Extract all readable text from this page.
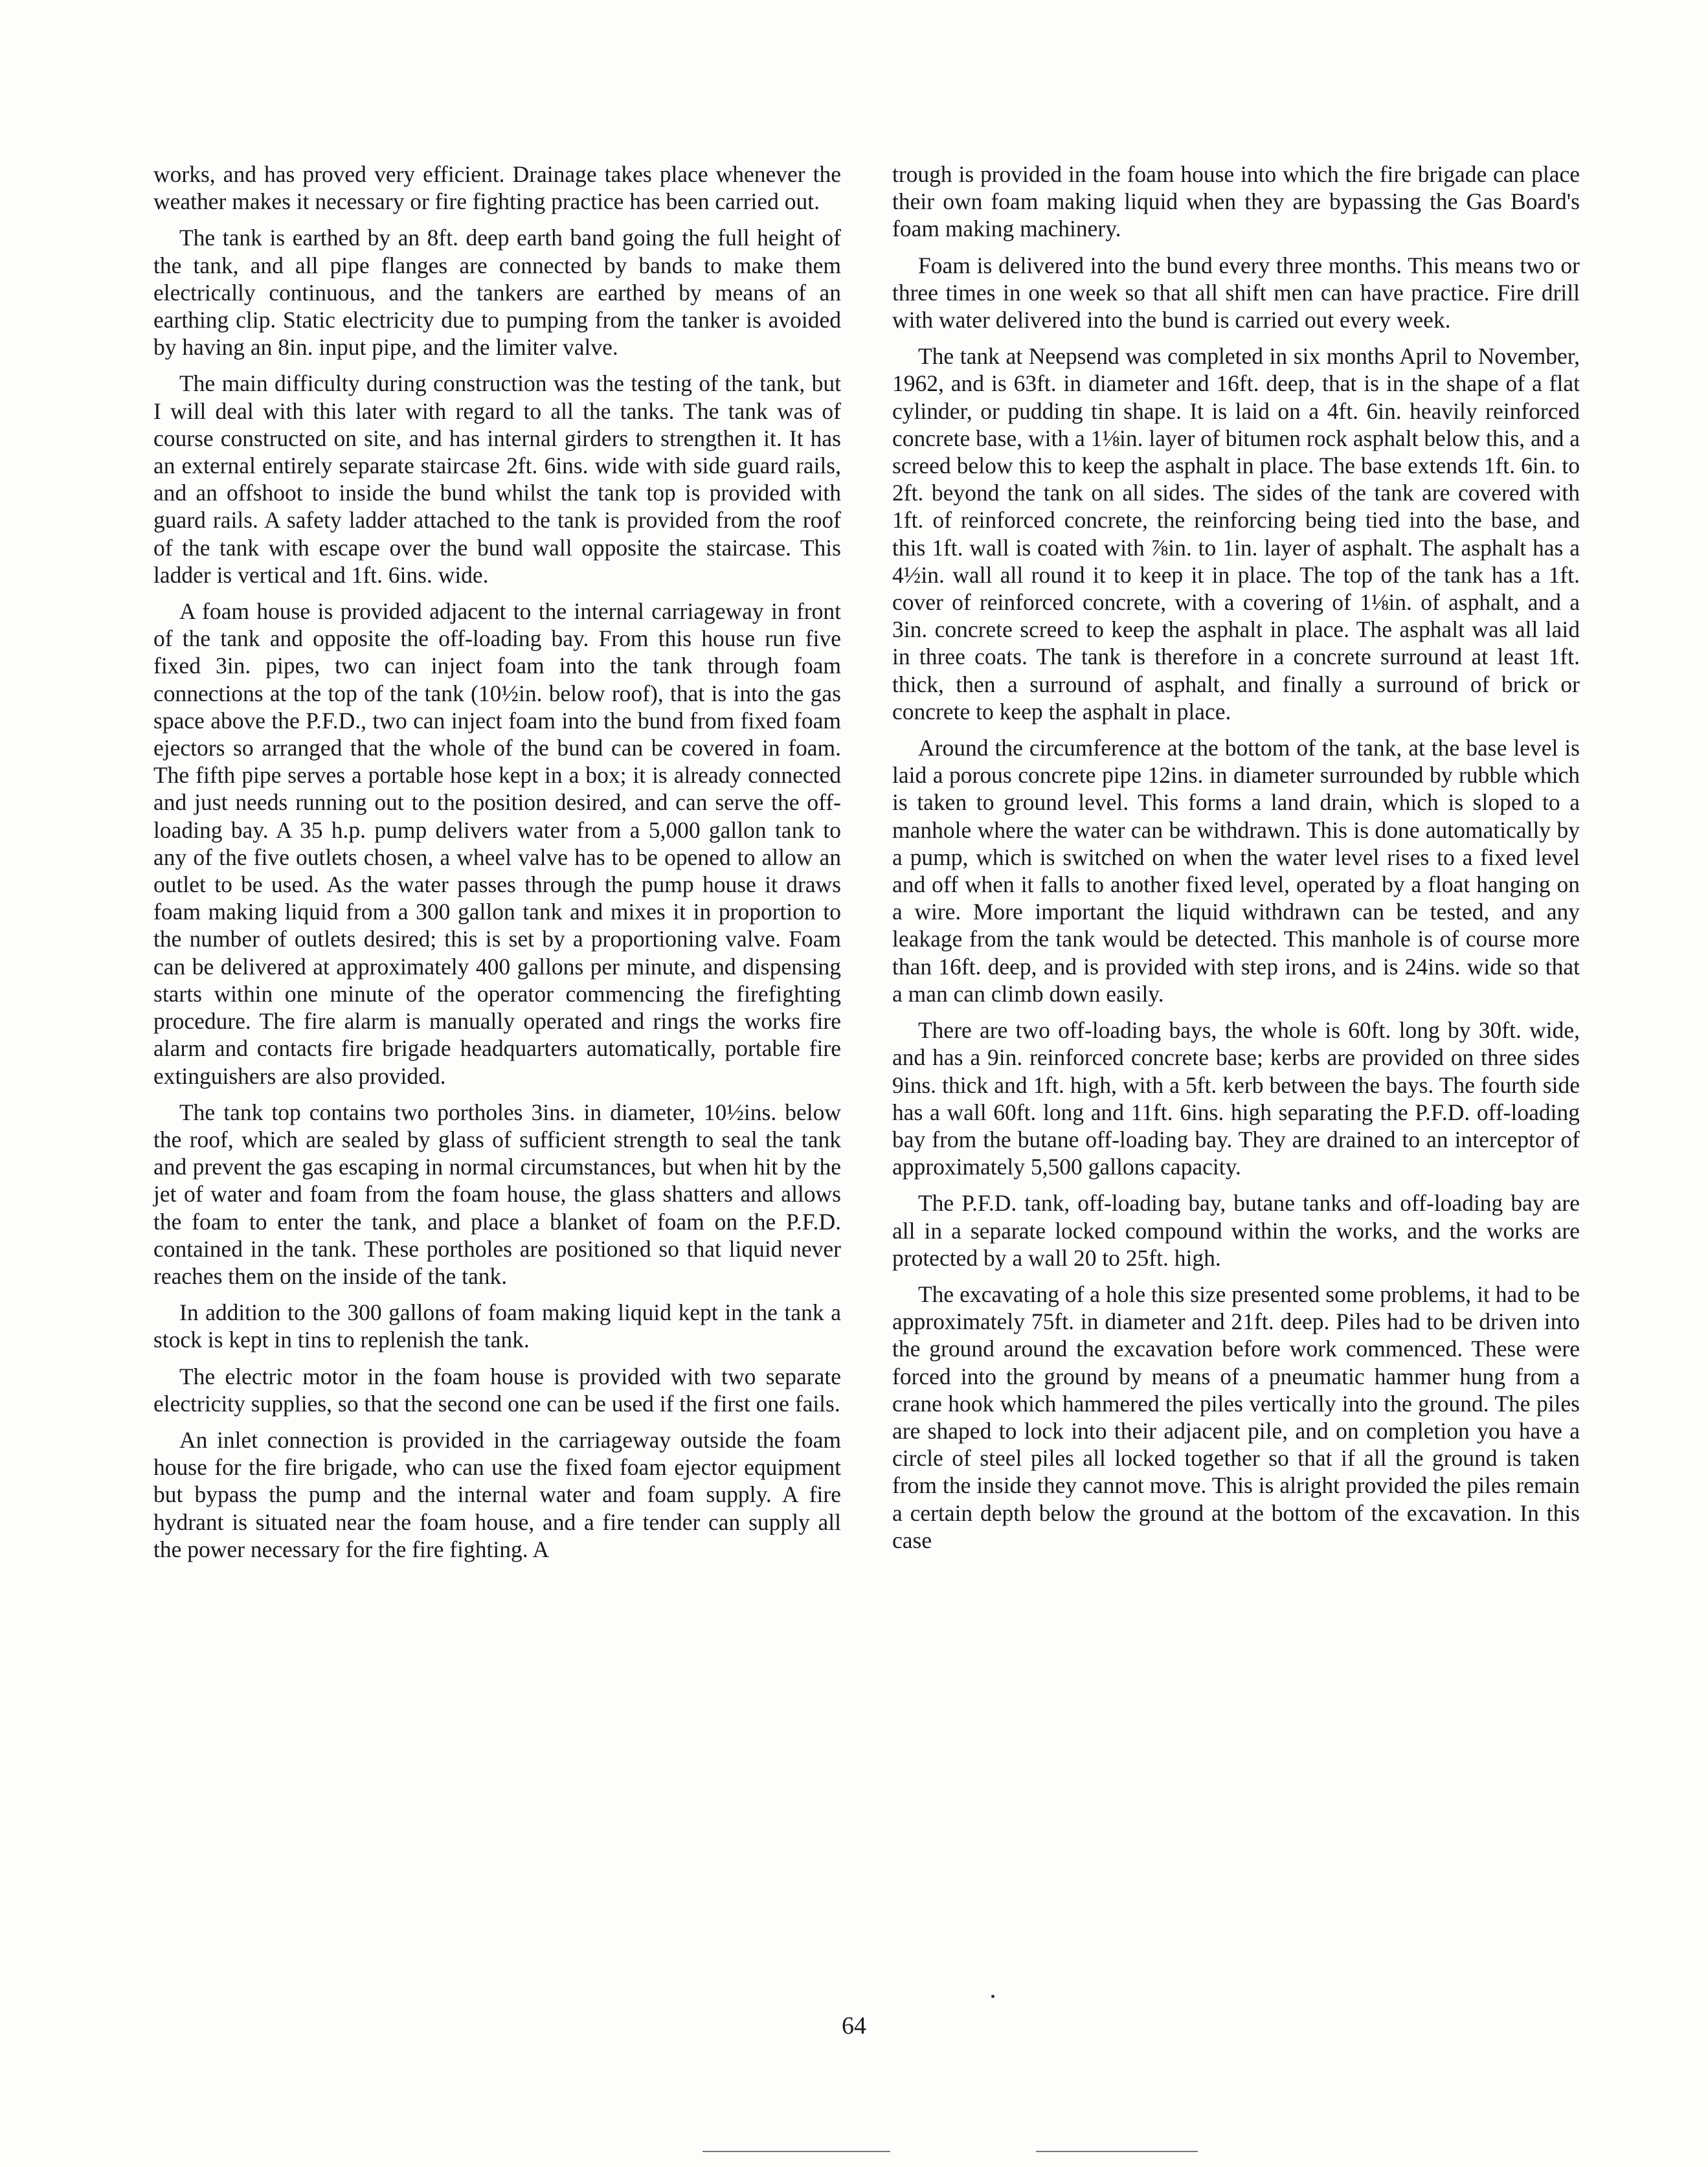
works, and has proved very efficient. Drainage takes place whenever the weather makes it necessary or fire fighting practice has been carried out.

The tank is earthed by an 8ft. deep earth band going the full height of the tank, and all pipe flanges are connected by bands to make them electrically continuous, and the tankers are earthed by means of an earthing clip. Static electricity due to pumping from the tanker is avoided by having an 8in. input pipe, and the limiter valve.

The main difficulty during construction was the testing of the tank, but I will deal with this later with regard to all the tanks. The tank was of course constructed on site, and has internal girders to strengthen it. It has an external entirely separate staircase 2ft. 6ins. wide with side guard rails, and an offshoot to inside the bund whilst the tank top is provided with guard rails. A safety ladder attached to the tank is provided from the roof of the tank with escape over the bund wall opposite the staircase. This ladder is vertical and 1ft. 6ins. wide.

A foam house is provided adjacent to the internal carriageway in front of the tank and opposite the off-loading bay. From this house run five fixed 3in. pipes, two can inject foam into the tank through foam connections at the top of the tank (10½in. below roof), that is into the gas space above the P.F.D., two can inject foam into the bund from fixed foam ejectors so arranged that the whole of the bund can be covered in foam. The fifth pipe serves a portable hose kept in a box; it is already connected and just needs running out to the position desired, and can serve the off-loading bay. A 35 h.p. pump delivers water from a 5,000 gallon tank to any of the five outlets chosen, a wheel valve has to be opened to allow an outlet to be used. As the water passes through the pump house it draws foam making liquid from a 300 gallon tank and mixes it in proportion to the number of outlets desired; this is set by a proportioning valve. Foam can be delivered at approximately 400 gallons per minute, and dispensing starts within one minute of the operator commencing the firefighting procedure. The fire alarm is manually operated and rings the works fire alarm and contacts fire brigade headquarters automatically, portable fire extinguishers are also provided.

The tank top contains two portholes 3ins. in diameter, 10½ins. below the roof, which are sealed by glass of sufficient strength to seal the tank and prevent the gas escaping in normal circumstances, but when hit by the jet of water and foam from the foam house, the glass shatters and allows the foam to enter the tank, and place a blanket of foam on the P.F.D. contained in the tank. These portholes are positioned so that liquid never reaches them on the inside of the tank.

In addition to the 300 gallons of foam making liquid kept in the tank a stock is kept in tins to replenish the tank.

The electric motor in the foam house is provided with two separate electricity supplies, so that the second one can be used if the first one fails.

An inlet connection is provided in the carriageway outside the foam house for the fire brigade, who can use the fixed foam ejector equipment but bypass the pump and the internal water and foam supply. A fire hydrant is situated near the foam house, and a fire tender can supply all the power necessary for the fire fighting. A

trough is provided in the foam house into which the fire brigade can place their own foam making liquid when they are bypassing the Gas Board's foam making machinery.

Foam is delivered into the bund every three months. This means two or three times in one week so that all shift men can have practice. Fire drill with water delivered into the bund is carried out every week.

The tank at Neepsend was completed in six months April to November, 1962, and is 63ft. in diameter and 16ft. deep, that is in the shape of a flat cylinder, or pudding tin shape. It is laid on a 4ft. 6in. heavily reinforced concrete base, with a 1⅛in. layer of bitumen rock asphalt below this, and a screed below this to keep the asphalt in place. The base extends 1ft. 6in. to 2ft. beyond the tank on all sides. The sides of the tank are covered with 1ft. of reinforced concrete, the reinforcing being tied into the base, and this 1ft. wall is coated with ⅞in. to 1in. layer of asphalt. The asphalt has a 4½in. wall all round it to keep it in place. The top of the tank has a 1ft. cover of reinforced concrete, with a covering of 1⅛in. of asphalt, and a 3in. concrete screed to keep the asphalt in place. The asphalt was all laid in three coats. The tank is therefore in a concrete surround at least 1ft. thick, then a surround of asphalt, and finally a surround of brick or concrete to keep the asphalt in place.

Around the circumference at the bottom of the tank, at the base level is laid a porous concrete pipe 12ins. in diameter surrounded by rubble which is taken to ground level. This forms a land drain, which is sloped to a manhole where the water can be withdrawn. This is done automatically by a pump, which is switched on when the water level rises to a fixed level and off when it falls to another fixed level, operated by a float hanging on a wire. More important the liquid withdrawn can be tested, and any leakage from the tank would be detected. This manhole is of course more than 16ft. deep, and is provided with step irons, and is 24ins. wide so that a man can climb down easily.

There are two off-loading bays, the whole is 60ft. long by 30ft. wide, and has a 9in. reinforced concrete base; kerbs are provided on three sides 9ins. thick and 1ft. high, with a 5ft. kerb between the bays. The fourth side has a wall 60ft. long and 11ft. 6ins. high separating the P.F.D. off-loading bay from the butane off-loading bay. They are drained to an interceptor of approximately 5,500 gallons capacity.

The P.F.D. tank, off-loading bay, butane tanks and off-loading bay are all in a separate locked compound within the works, and the works are protected by a wall 20 to 25ft. high.

The excavating of a hole this size presented some problems, it had to be approximately 75ft. in diameter and 21ft. deep. Piles had to be driven into the ground around the excavation before work commenced. These were forced into the ground by means of a pneumatic hammer hung from a crane hook which hammered the piles vertically into the ground. The piles are shaped to lock into their adjacent pile, and on completion you have a circle of steel piles all locked together so that if all the ground is taken from the inside they cannot move. This is alright provided the piles remain a certain depth below the ground at the bottom of the excavation. In this case

64
